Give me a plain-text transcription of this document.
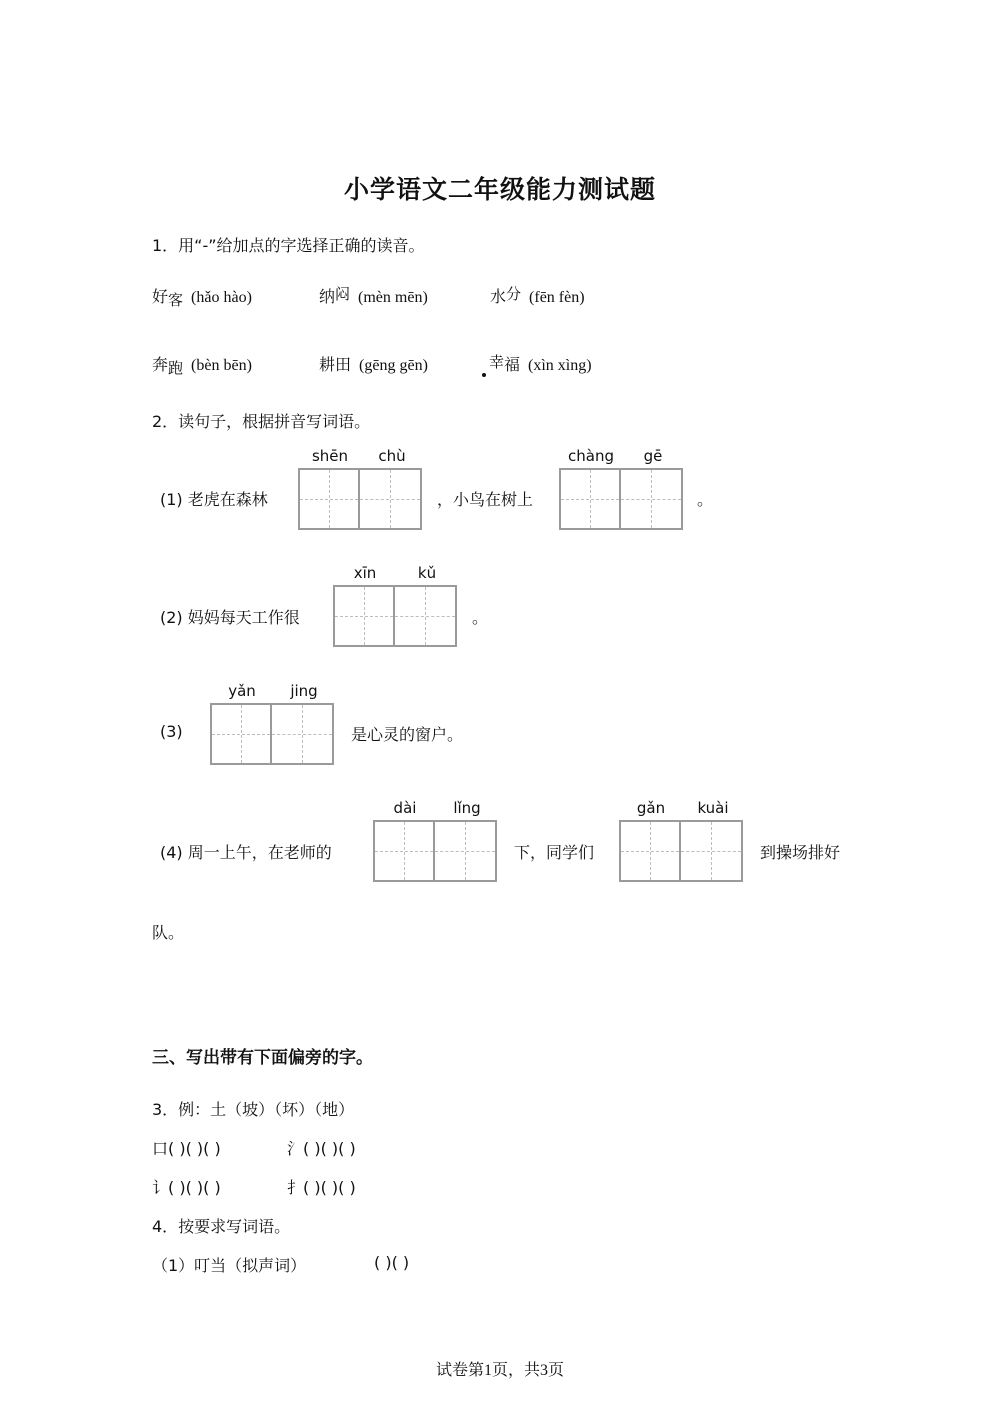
小学语文二年级能力测试题
1．用“-”给加点的字选择正确的读音。
好客 (hǎo hào)	纳闷 (mèn mēn)	水分 (fēn fèn)
奔跑 (bèn bēn)	耕田 (gēng gēn)	幸福 (xìn xìng)
2．读句子，根据拼音写词语。
(1) 老虎在森林
shēn	chù
，小鸟在树上
chàng	gē
。
(2) 妈妈每天工作很
xīn	kǔ
。
(3)
yǎn	jing
是心灵的窗户。
(4) 周一上午，在老师的
dài	lǐng
下，同学们
gǎn	kuài
到操场排好
队。
三、写出带有下面偏旁的字。
3．例：土（坡）（坏）（地）
口( )( )( )	氵( )( )( )
讠( )( )( )	扌( )( )( )
4．按要求写词语。
（1）叮当（拟声词）	( )( )
试卷第1页，共3页
